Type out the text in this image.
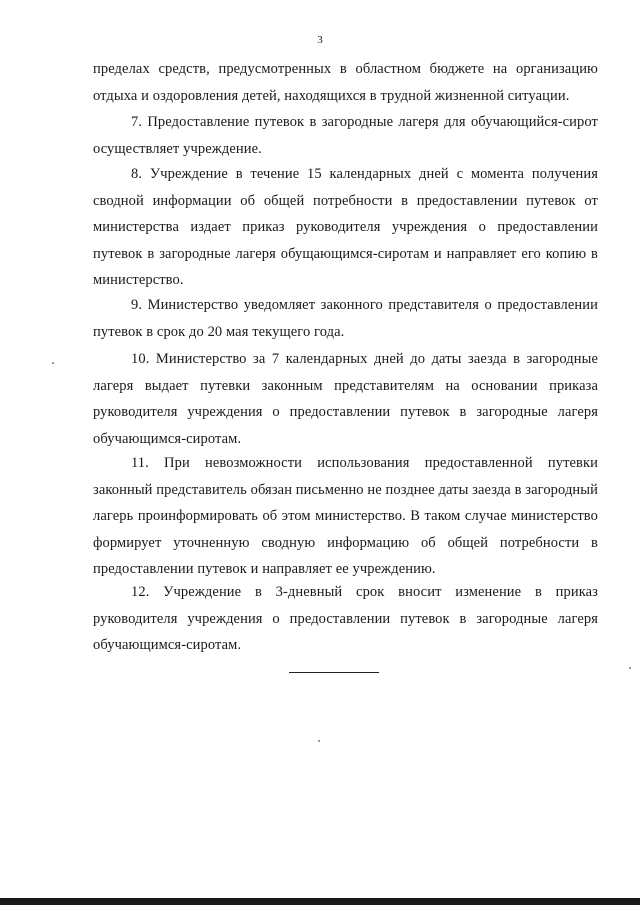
3

пределах средств, предусмотренных в областном бюджете на организацию отдыха и оздоровления детей, находящихся в трудной жизненной ситуации.

7. Предоставление путевок в загородные лагеря для обучающийся-сирот осуществляет учреждение.

8. Учреждение в течение 15 календарных дней с момента получения сводной информации об общей потребности в предоставлении путевок от министерства издает приказ руководителя учреждения о предоставлении путевок в загородные лагеря обущающимся-сиротам и направляет его копию в министерство.

9. Министерство уведомляет законного представителя о предоставлении путевок в срок до 20 мая текущего года.

10. Министерство за 7 календарных дней до даты заезда в загородные лагеря выдает путевки законным представителям на основании приказа руководителя учреждения о предоставлении путевок в загородные лагеря обучающимся-сиротам.

11. При невозможности использования предоставленной путевки законный представитель обязан письменно не позднее даты заезда в загородный лагерь проинформировать об этом министерство. В таком случае министерство формирует уточненную сводную информацию об общей потребности в предоставлении путевок и направляет ее учреждению.

12. Учреждение в 3-дневный срок вносит изменение в приказ руководителя учреждения о предоставлении путевок в загородные лагеря обучающимся-сиротам.
